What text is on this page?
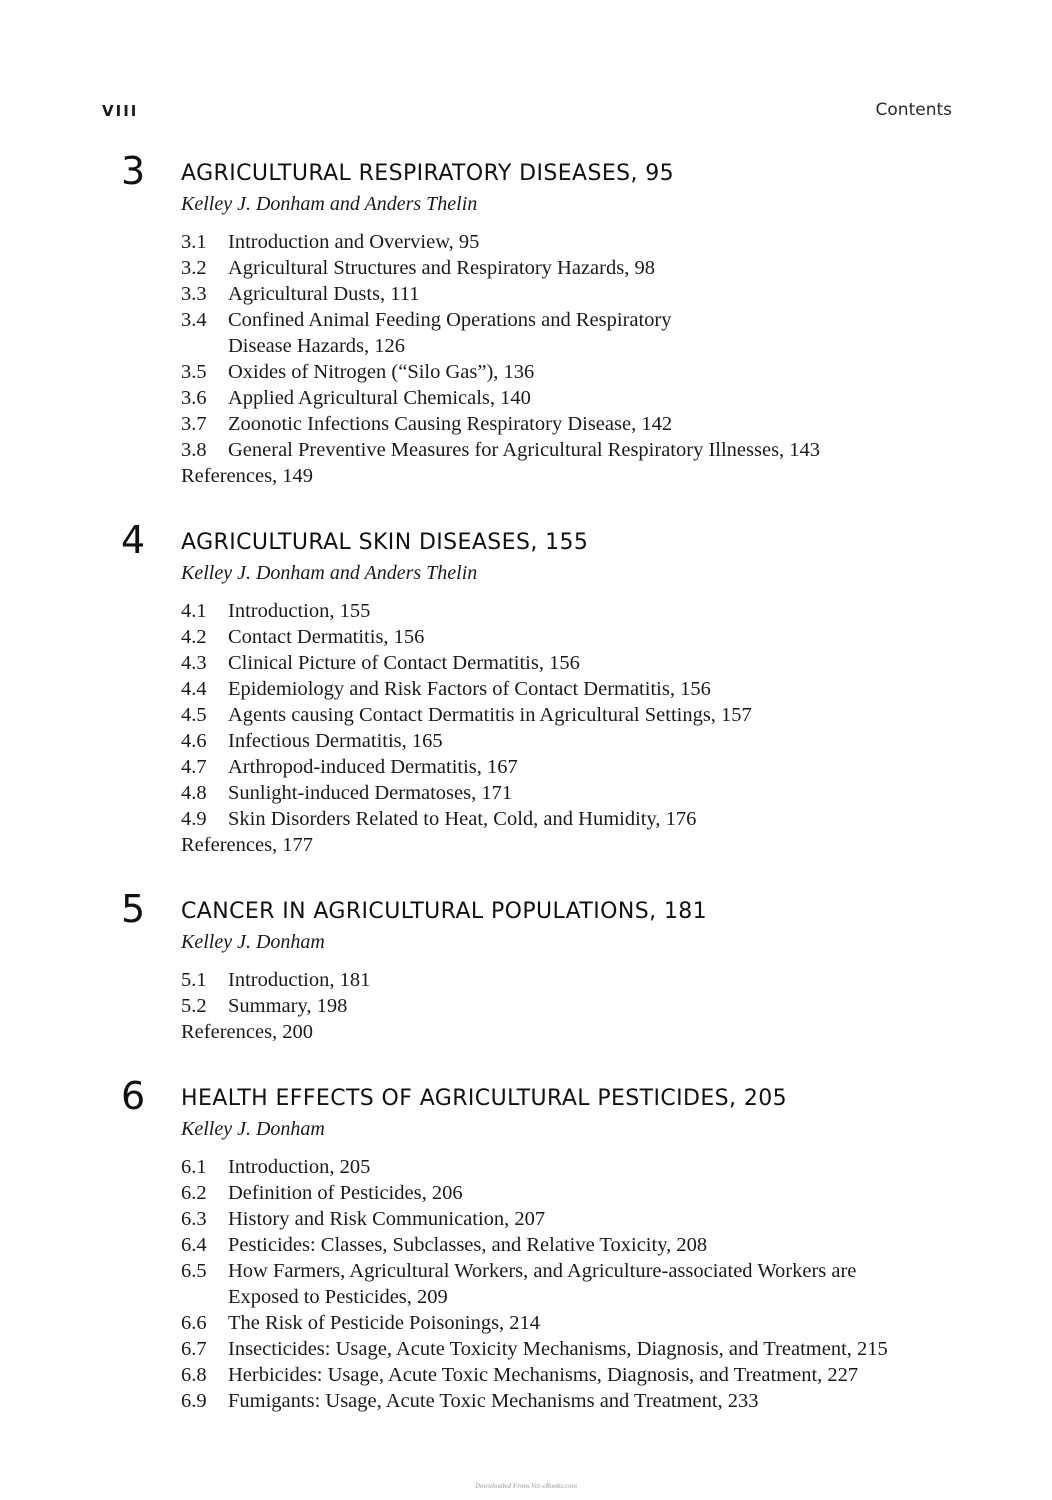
VIII	Contents
3 AGRICULTURAL RESPIRATORY DISEASES, 95
Kelley J. Donham and Anders Thelin
3.1 Introduction and Overview, 95
3.2 Agricultural Structures and Respiratory Hazards, 98
3.3 Agricultural Dusts, 111
3.4 Confined Animal Feeding Operations and Respiratory
Disease Hazards, 126
3.5 Oxides of Nitrogen (“Silo Gas”), 136
3.6 Applied Agricultural Chemicals, 140
3.7 Zoonotic Infections Causing Respiratory Disease, 142
3.8 General Preventive Measures for Agricultural Respiratory Illnesses, 143
References, 149
4 AGRICULTURAL SKIN DISEASES, 155
Kelley J. Donham and Anders Thelin
4.1 Introduction, 155
4.2 Contact Dermatitis, 156
4.3 Clinical Picture of Contact Dermatitis, 156
4.4 Epidemiology and Risk Factors of Contact Dermatitis, 156
4.5 Agents causing Contact Dermatitis in Agricultural Settings, 157
4.6 Infectious Dermatitis, 165
4.7 Arthropod-induced Dermatitis, 167
4.8 Sunlight-induced Dermatoses, 171
4.9 Skin Disorders Related to Heat, Cold, and Humidity, 176
References, 177
5 CANCER IN AGRICULTURAL POPULATIONS, 181
Kelley J. Donham
5.1 Introduction, 181
5.2 Summary, 198
References, 200
6 HEALTH EFFECTS OF AGRICULTURAL PESTICIDES, 205
Kelley J. Donham
6.1 Introduction, 205
6.2 Definition of Pesticides, 206
6.3 History and Risk Communication, 207
6.4 Pesticides: Classes, Subclasses, and Relative Toxicity, 208
6.5 How Farmers, Agricultural Workers, and Agriculture-associated Workers are
Exposed to Pesticides, 209
6.6 The Risk of Pesticide Poisonings, 214
6.7 Insecticides: Usage, Acute Toxicity Mechanisms, Diagnosis, and Treatment, 215
6.8 Herbicides: Usage, Acute Toxic Mechanisms, Diagnosis, and Treatment, 227
6.9 Fumigants: Usage, Acute Toxic Mechanisms and Treatment, 233
Downloaded From Vet-eBooks.com
